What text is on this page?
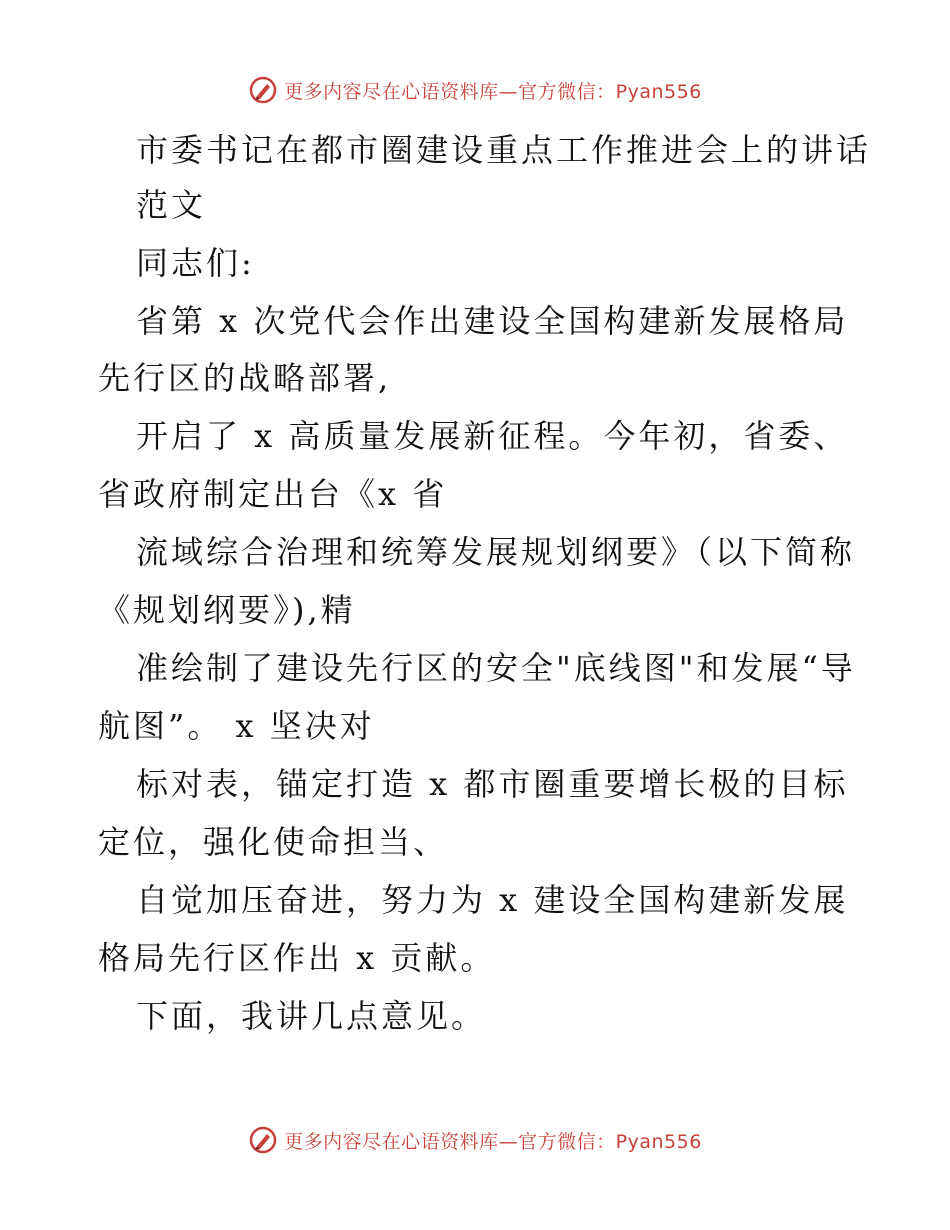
更多内容尽在心语资料库—官方微信：Pyan556
市委书记在都市圈建设重点工作推进会上的讲话
范文
同志们:
省第 x 次党代会作出建设全国构建新发展格局
先行区的战略部署,
开启了 x 高质量发展新征程。今年初，省委、
省政府制定出台《x 省
流域综合治理和统筹发展规划纲要》（以下简称
《规划纲要》),精
准绘制了建设先行区的安全"底线图"和发展“导
航图”。 x 坚决对
标对表，锚定打造 x 都市圈重要增长极的目标
定位，强化使命担当、
自觉加压奋进，努力为 x 建设全国构建新发展
格局先行区作出 x 贡献。
下面，我讲几点意见。
更多内容尽在心语资料库—官方微信：Pyan556
